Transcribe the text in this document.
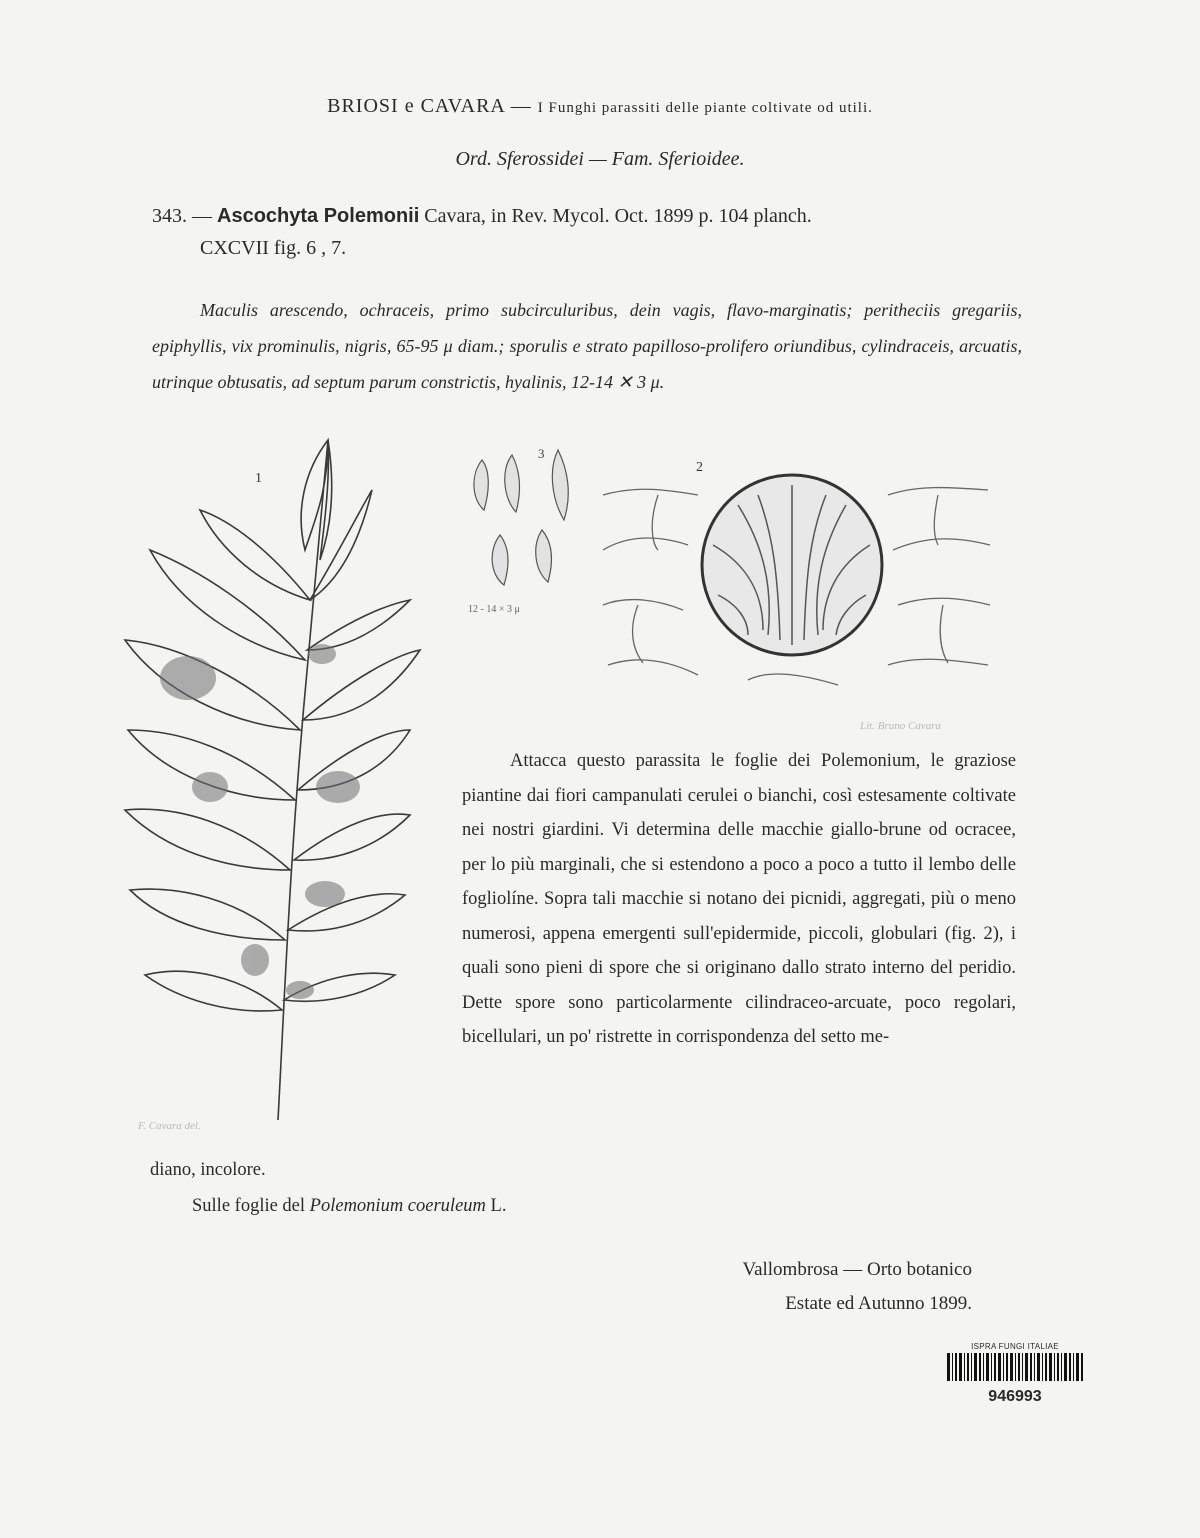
BRIOSI e CAVARA — I Funghi parassiti delle piante coltivate od utili.
Ord. Sferossidei — Fam. Sferioidee.
343. — Ascochyta Polemonii Cavara, in Rev. Mycol. Oct. 1899 p. 104 planch.
CXCVII fig. 6 , 7.

Maculis arescendo, ochraceis, primo subcirculuribus, dein vagis, flavo-marginatis; peritheciis gregariis, epiphyllis, vix prominulis, nigris, 65-95 μ diam.; sporulis e strato papilloso-prolifero oriundibus, cylindraceis, arcuatis, utrinque obtusatis, ad septum parum constrictis, hyalinis, 12-14 ✕ 3 μ.

1
F. Cavara del.
3
12 - 14 × 3 μ
2
Lit. Bruno Cavara

Attacca questo parassita le foglie dei Polemonium, le graziose piantine dai fiori campanulati cerulei o bianchi, così estesamente coltivate nei nostri giardini. Vi determina delle macchie giallo-brune od ocracee, per lo più marginali, che si estendono a poco a poco a tutto il lembo delle fogliolíne. Sopra tali macchie si notano dei picnidi, aggregati, più o meno numerosi, appena emergenti sull'epidermide, piccoli, globulari (fig. 2), i quali sono pieni di spore che si originano dallo strato interno del peridio. Dette spore sono particolarmente cilindraceo-arcuate, poco regolari, bicellulari, un po' ristrette in corrispondenza del setto me-

diano, incolore.
Sulle foglie del Polemonium coeruleum L.
Vallombrosa — Orto botanico
Estate ed Autunno 1899.
ISPRA FUNGI ITALIAE
946993
